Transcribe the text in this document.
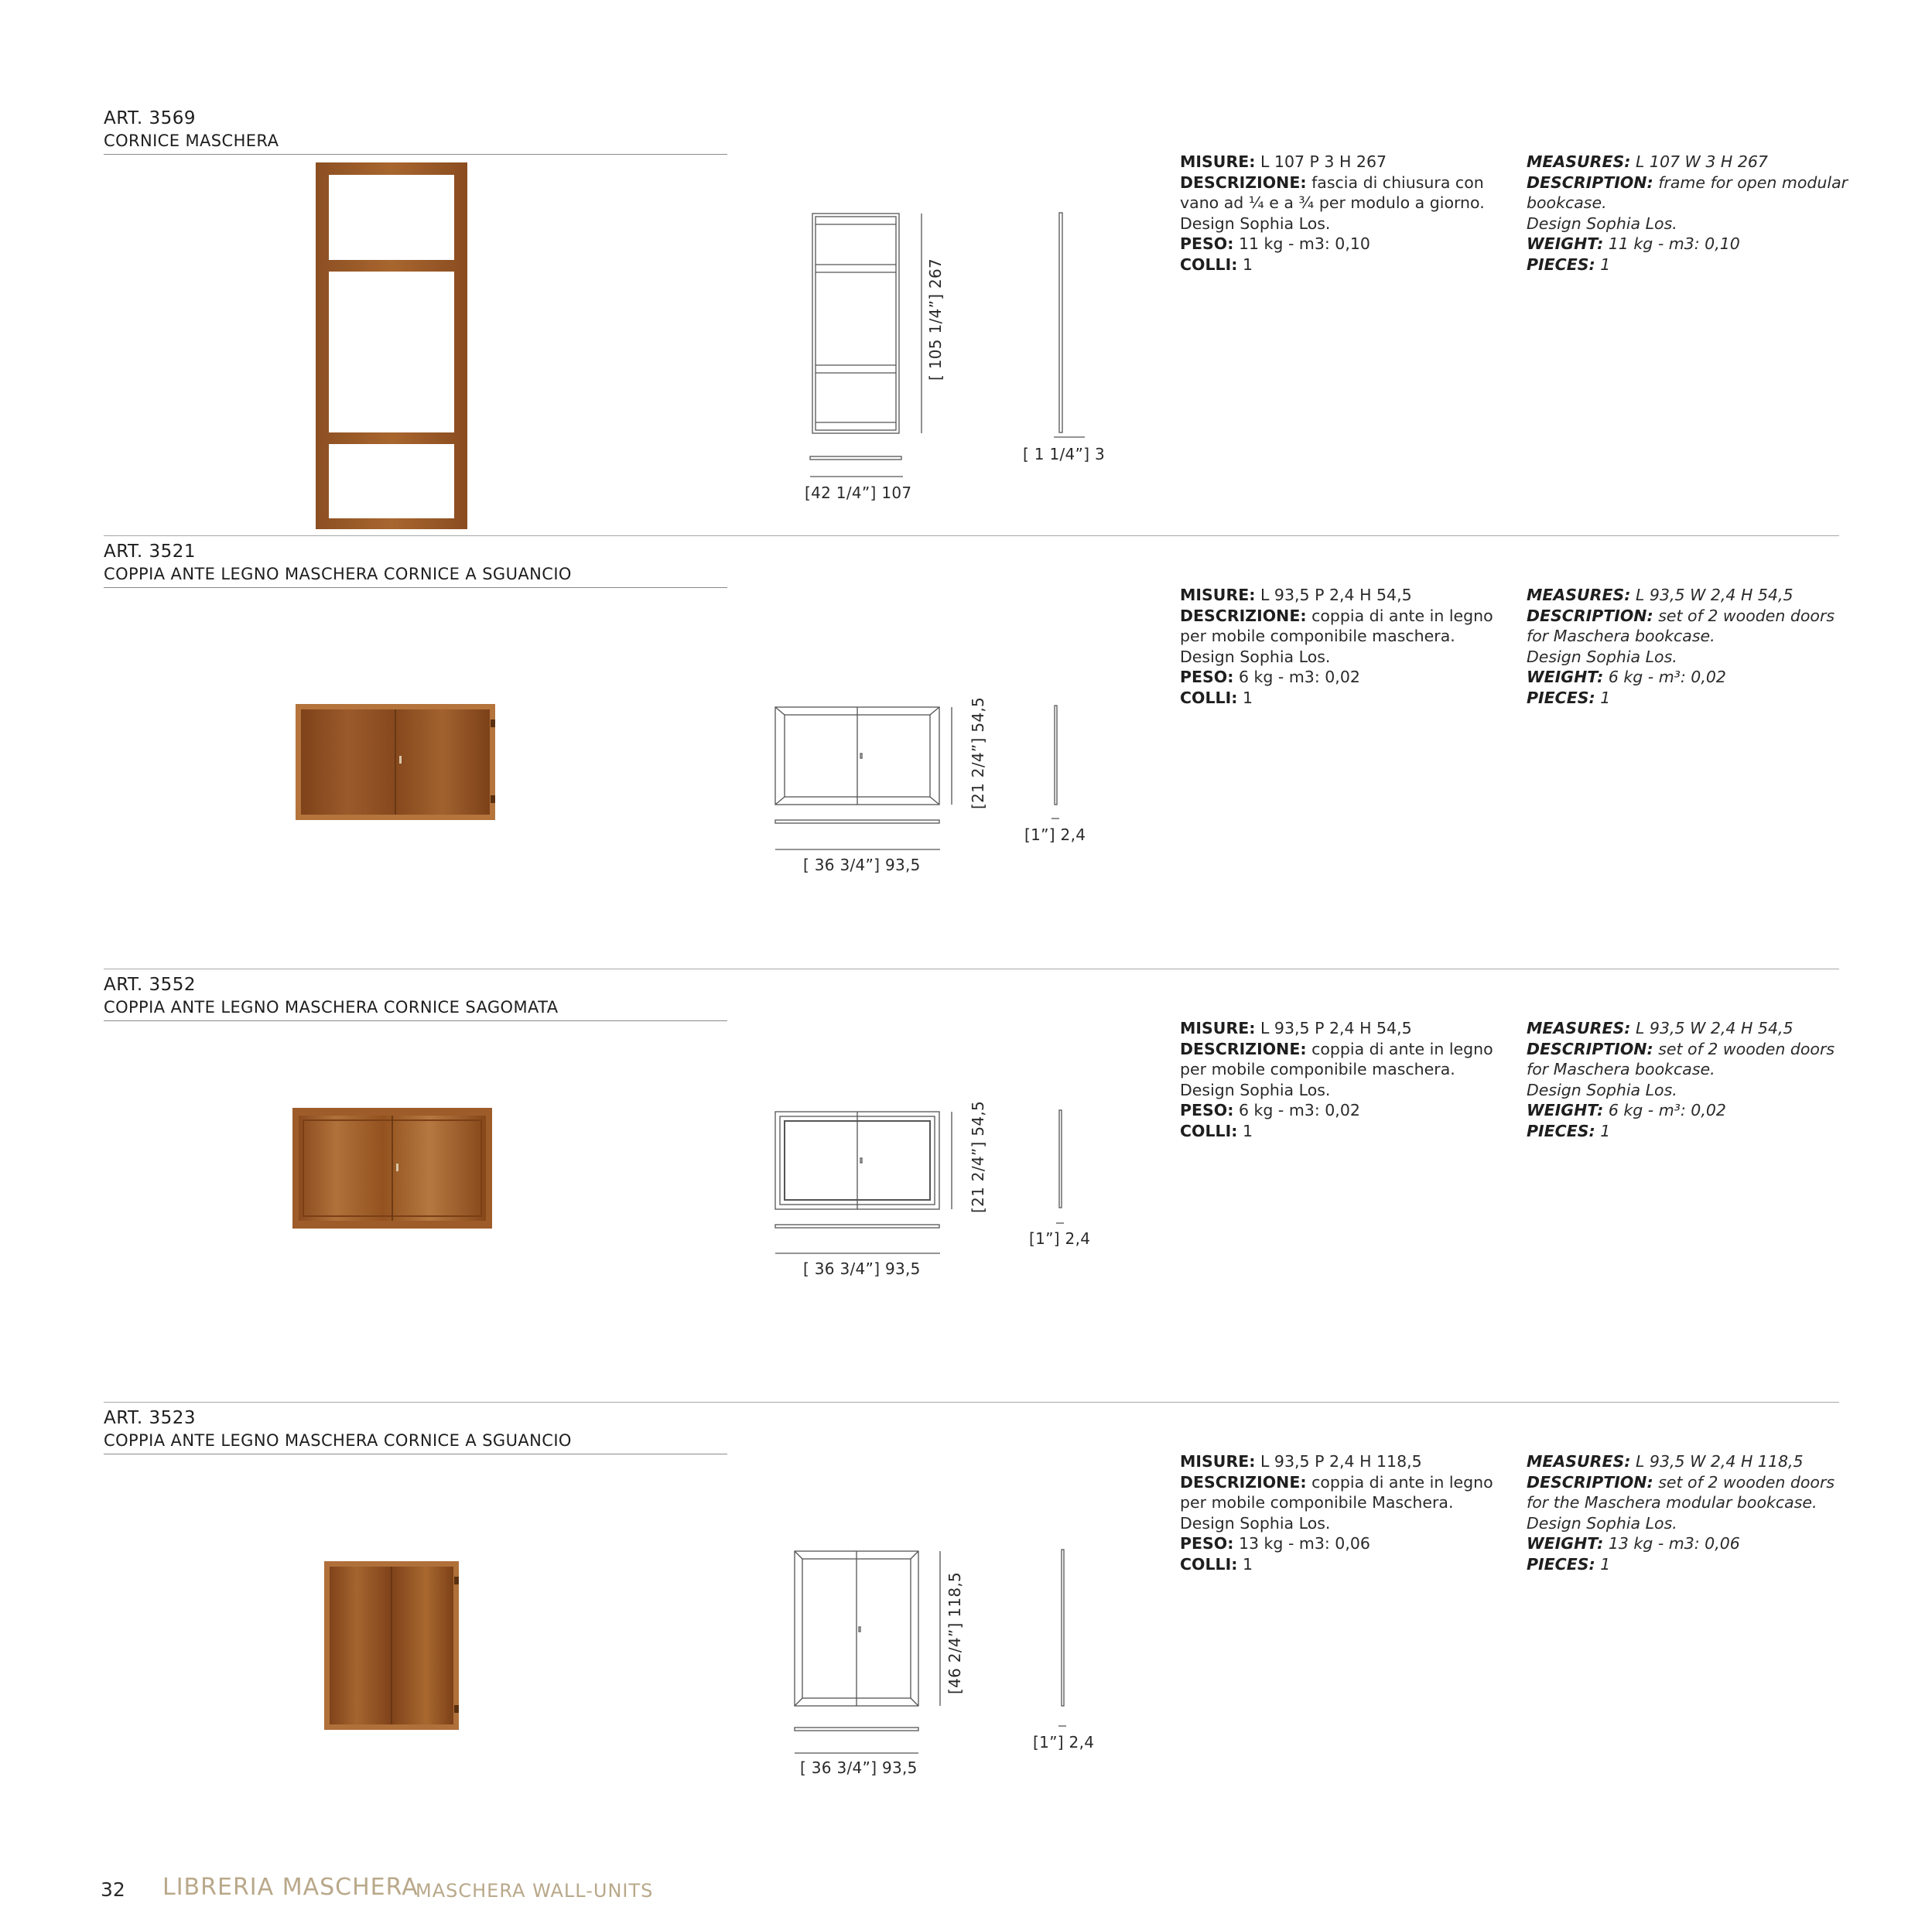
ART. 3569
CORNICE MASCHERA
[ 105 1/4”] 267
[42 1/4”] 107
[ 1 1/4”] 3
MISURE: L 107 P 3 H 267
DESCRIZIONE: fascia di chiusura con vano ad ¼ e a ¾ per modulo a giorno.
Design Sophia Los.
PESO: 11 kg - m3: 0,10
COLLI: 1
MEASURES: L 107 W 3 H 267
DESCRIPTION: frame for open modular bookcase.
Design Sophia Los.
WEIGHT: 11 kg - m3: 0,10
PIECES: 1
ART. 3521
COPPIA ANTE LEGNO MASCHERA CORNICE A SGUANCIO
[21 2/4”] 54,5
[ 36 3/4”] 93,5
[1”] 2,4
MISURE: L 93,5 P 2,4 H 54,5
DESCRIZIONE: coppia di ante in legno per mobile componibile maschera.
Design Sophia Los.
PESO: 6 kg - m3: 0,02
COLLI: 1
MEASURES: L 93,5 W 2,4 H 54,5
DESCRIPTION: set of 2 wooden doors for Maschera bookcase.
Design Sophia Los.
WEIGHT: 6 kg - m³: 0,02
PIECES: 1
ART. 3552
COPPIA ANTE LEGNO MASCHERA CORNICE SAGOMATA
[21 2/4”] 54,5
[ 36 3/4”] 93,5
[1”] 2,4
MISURE: L 93,5 P 2,4 H 54,5
DESCRIZIONE: coppia di ante in legno per mobile componibile maschera.
Design Sophia Los.
PESO: 6 kg - m3: 0,02
COLLI: 1
MEASURES: L 93,5 W 2,4 H 54,5
DESCRIPTION: set of 2 wooden doors for Maschera bookcase.
Design Sophia Los.
WEIGHT: 6 kg - m³: 0,02
PIECES: 1
ART. 3523
COPPIA ANTE LEGNO MASCHERA CORNICE A SGUANCIO
[46 2/4”] 118,5
[ 36 3/4”] 93,5
[1”] 2,4
MISURE: L 93,5 P 2,4 H 118,5
DESCRIZIONE: coppia di ante in legno per mobile componibile Maschera.
Design Sophia Los.
PESO: 13 kg - m3: 0,06
COLLI: 1
MEASURES: L 93,5 W 2,4 H 118,5
DESCRIPTION: set of 2 wooden doors for the Maschera modular bookcase.
Design Sophia Los.
WEIGHT: 13 kg - m3: 0,06
PIECES: 1
32 LIBRERIA MASCHERA
MASCHERA WALL-UNITS
